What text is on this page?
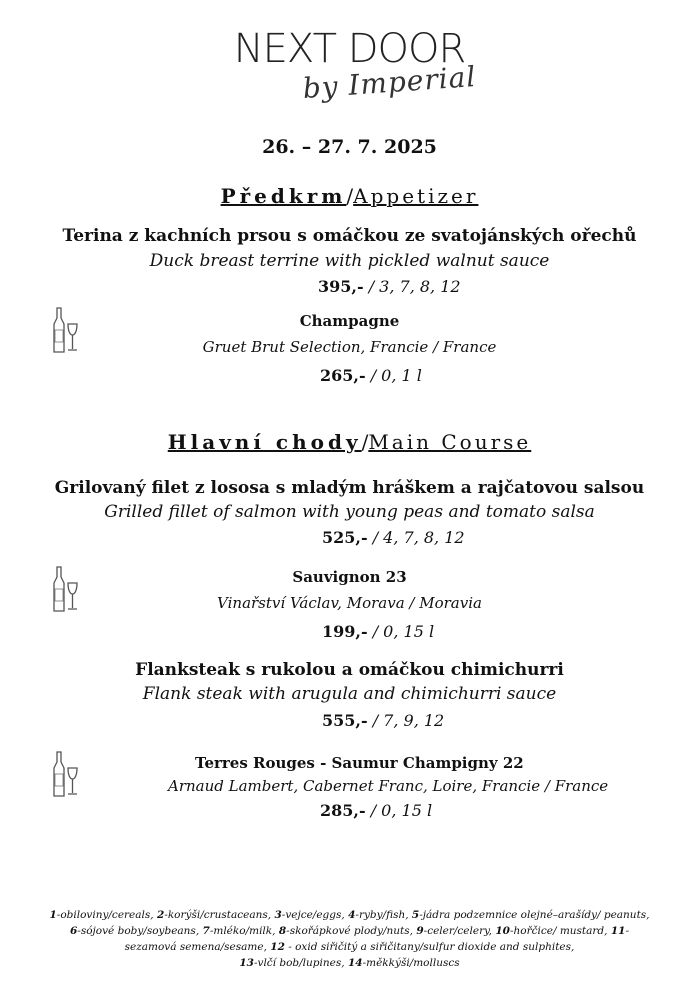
NEXT DOOR
by Imperial
26. – 27. 7. 2025
Předkrm/Appetizer
Terina z kachních prsou s omáčkou ze svatojánských ořechů
Duck breast terrine with pickled walnut sauce
395,- / 3, 7, 8, 12
Champagne
Gruet Brut Selection, Francie / France
265,- / 0, 1 l
Hlavní chody/Main Course
Grilovaný filet z lososa s mladým hráškem a rajčatovou salsou
Grilled fillet of salmon with young peas and tomato salsa
525,- / 4, 7, 8, 12
Sauvignon 23
Vinařství Václav, Morava / Moravia
199,- / 0, 15 l
Flanksteak s rukolou a omáčkou chimichurri
Flank steak with arugula and chimichurri sauce
555,- / 7, 9, 12
Terres Rouges - Saumur Champigny 22
Arnaud Lambert, Cabernet Franc, Loire, Francie / France
285,- / 0, 15 l
1-obiloviny/cereals, 2-korýši/crustaceans, 3-vejce/eggs, 4-ryby/fish, 5-jádra podzemnice olejné–arašídy/ peanuts,
6-sójové boby/soybeans, 7-mléko/milk, 8-skořápkové plody/nuts, 9-celer/celery, 10-hořčice/ mustard, 11-
sezamová semena/sesame, 12 - oxid siřičitý a siřičitany/sulfur dioxide and sulphites,
13-vlčí bob/lupines, 14-měkkýši/molluscs
